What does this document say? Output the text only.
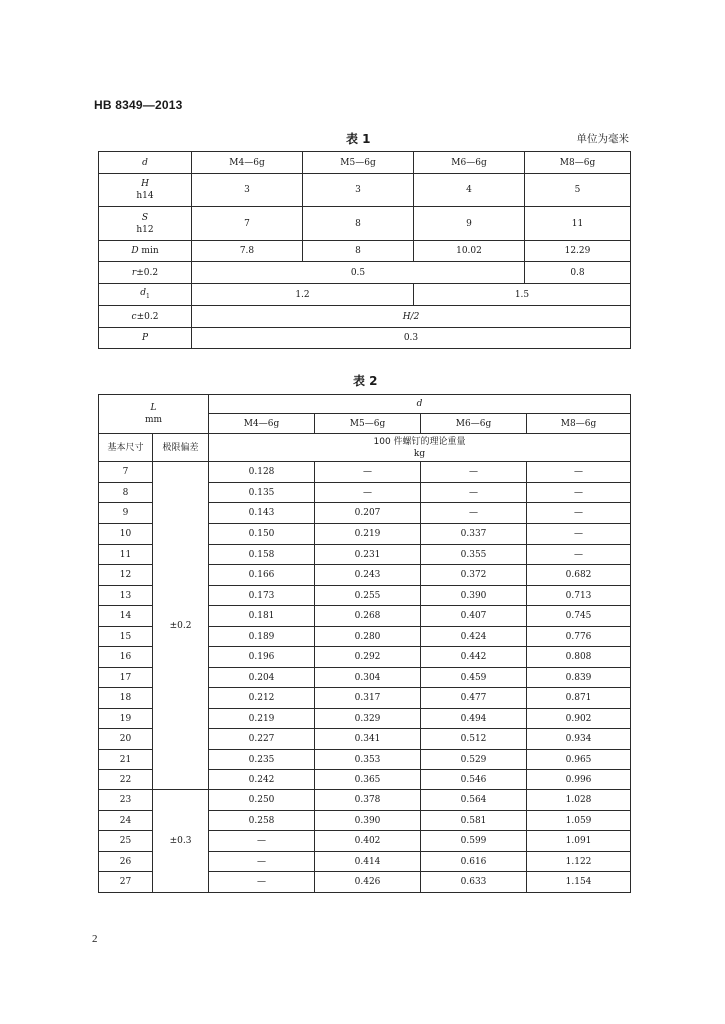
HB 8349—2013
表 1	单位为毫米
d	M4—6g	M5—6g	M6—6g	M8—6g
H
h14	3	3	4	5
S
h12	7	8	9	11
D min	7.8	8	10.02	12.29
r±0.2	0.5			0.8
$d_1$	1.2		1.5	
c±0.2	H/2			
P	0.3			
表 2
L
mm		d			
		M4—6g	M5—6g	M6—6g	M8—6g
基本尺寸	极限偏差	100 件螺钉的理论重量
kg			
7	±0.2	0.128	—	—	—
8		0.135	—	—	—
9		0.143	0.207	—	—
10		0.150	0.219	0.337	—
11		0.158	0.231	0.355	—
12		0.166	0.243	0.372	0.682
13		0.173	0.255	0.390	0.713
14		0.181	0.268	0.407	0.745
15		0.189	0.280	0.424	0.776
16		0.196	0.292	0.442	0.808
17		0.204	0.304	0.459	0.839
18		0.212	0.317	0.477	0.871
19		0.219	0.329	0.494	0.902
20		0.227	0.341	0.512	0.934
21		0.235	0.353	0.529	0.965
22		0.242	0.365	0.546	0.996
23	±0.3	0.250	0.378	0.564	1.028
24		0.258	0.390	0.581	1.059
25		—	0.402	0.599	1.091
26		—	0.414	0.616	1.122
27		—	0.426	0.633	1.154
2
